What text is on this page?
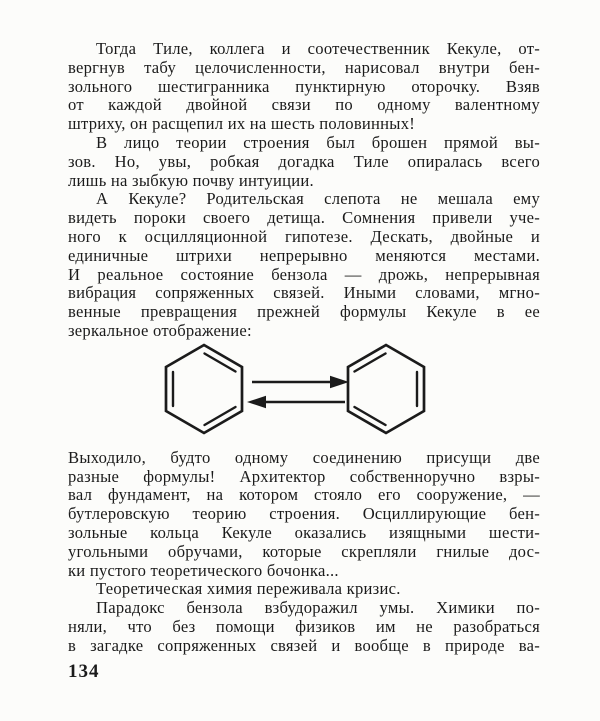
Тогда Тиле, коллега и соотечественник Кекуле, от-
вергнув табу целочисленности, нарисовал внутри бен-
зольного шестигранника пунктирную оторочку. Взяв
от каждой двойной связи по одному валентному
штриху, он расщепил их на шесть половинных!
В лицо теории строения был брошен прямой вы-
зов. Но, увы, робкая догадка Тиле опиралась всего
лишь на зыбкую почву интуиции.
А Кекуле? Родительская слепота не мешала ему
видеть пороки своего детища. Сомнения привели уче-
ного к осцилляционной гипотезе. Дескать, двойные и
единичные штрихи непрерывно меняются местами.
И реальное состояние бензола — дрожь, непрерывная
вибрация сопряженных связей. Иными словами, мгно-
венные превращения прежней формулы Кекуле в ее
зеркальное отображение:
Выходило, будто одному соединению присущи две
разные формулы! Архитектор собственноручно взры-
вал фундамент, на котором стояло его сооружение, —
бутлеровскую теорию строения. Осциллирующие бен-
зольные кольца Кекуле оказались изящными шести-
угольными обручами, которые скрепляли гнилые дос-
ки пустого теоретического бочонка...
Теоретическая химия переживала кризис.
Парадокс бензола взбудоражил умы. Химики по-
няли, что без помощи физиков им не разобраться
в загадке сопряженных связей и вообще в природе ва-
134
